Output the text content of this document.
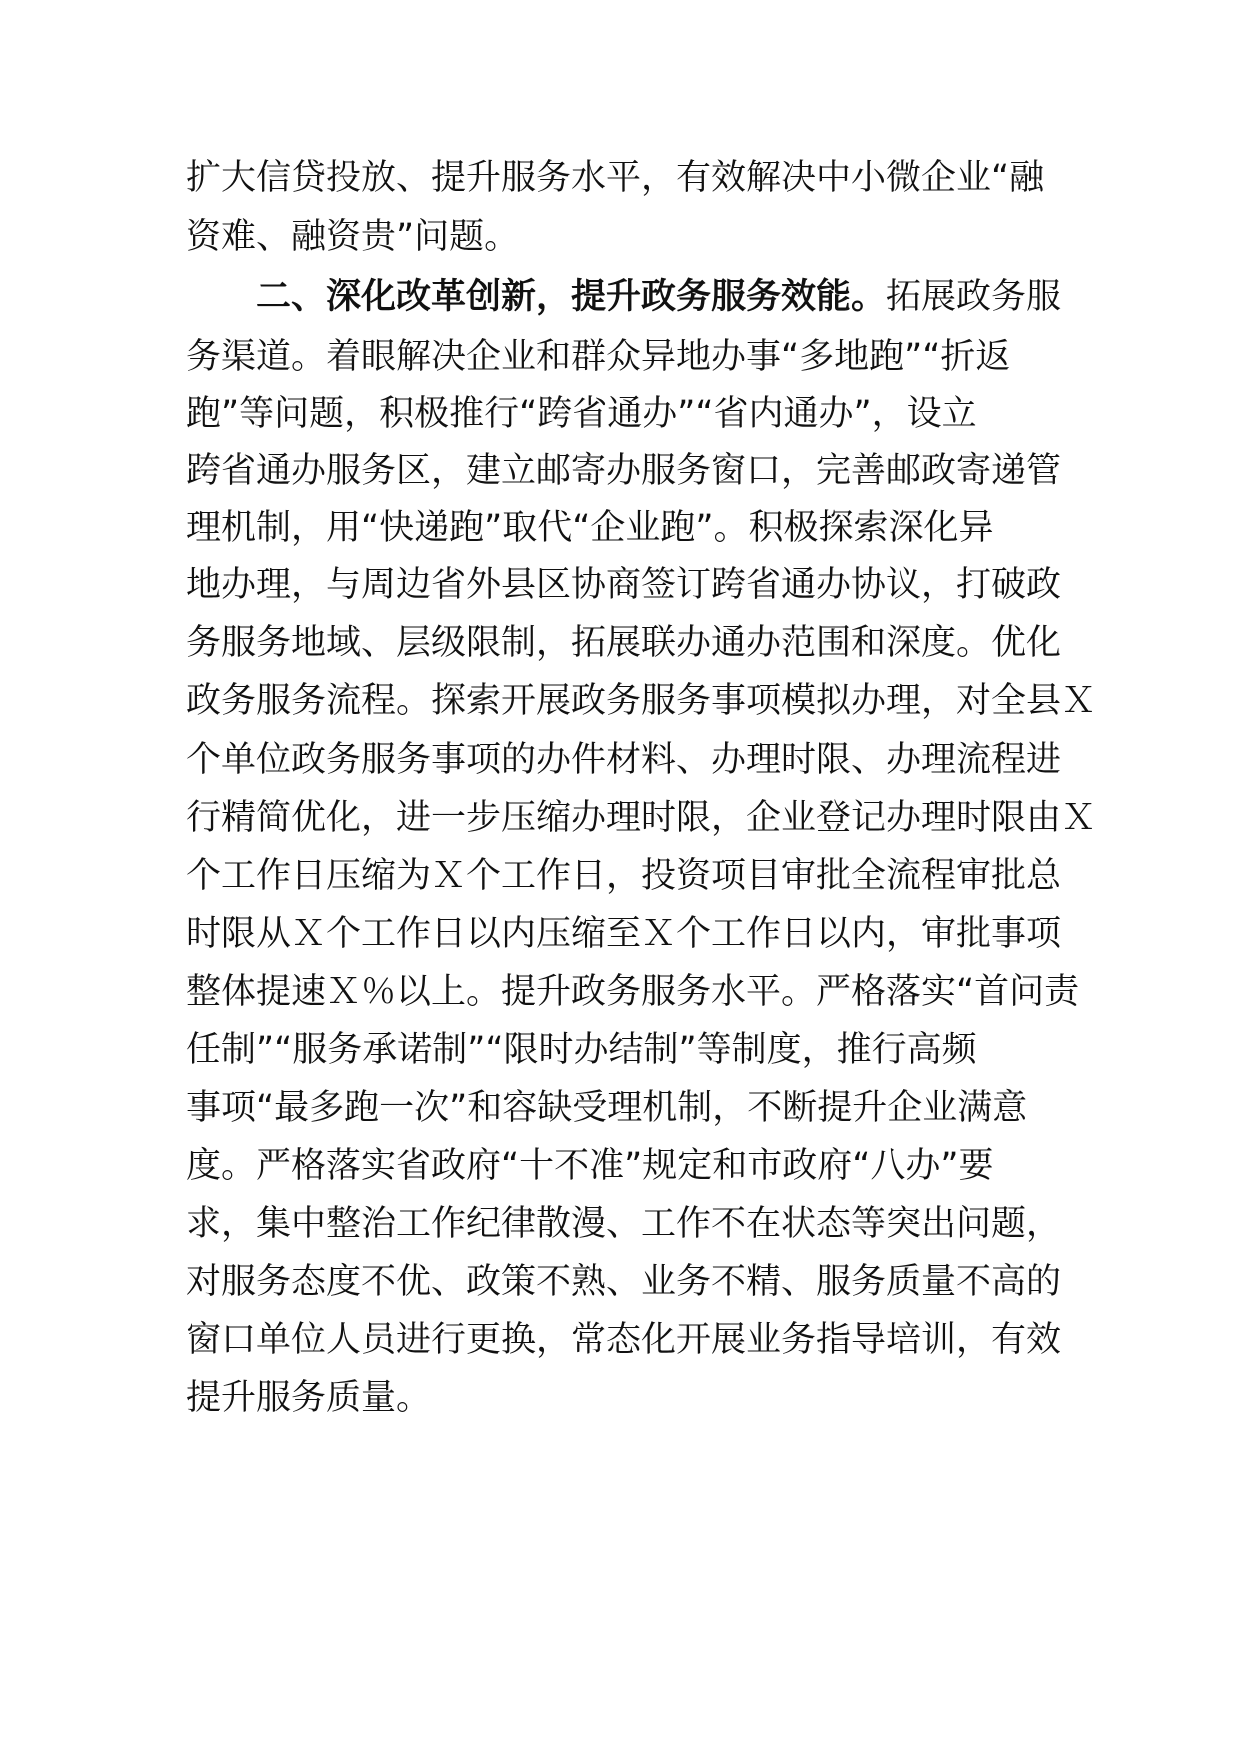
扩大信贷投放、提升服务水平，有效解决中小微企业“融
资难、融资贵”问题。
二、深化改革创新，提升政务服务效能。拓展政务服
务渠道。着眼解决企业和群众异地办事“多地跑”“折返
跑”等问题，积极推行“跨省通办”“省内通办”，设立
跨省通办服务区，建立邮寄办服务窗口，完善邮政寄递管
理机制，用“快递跑”取代“企业跑”。积极探索深化异
地办理，与周边省外县区协商签订跨省通办协议，打破政
务服务地域、层级限制，拓展联办通办范围和深度。优化
政务服务流程。探索开展政务服务事项模拟办理，对全县Ｘ
个单位政务服务事项的办件材料、办理时限、办理流程进
行精简优化，进一步压缩办理时限，企业登记办理时限由Ｘ
个工作日压缩为Ｘ个工作日，投资项目审批全流程审批总
时限从Ｘ个工作日以内压缩至Ｘ个工作日以内，审批事项
整体提速Ｘ％以上。提升政务服务水平。严格落实“首问责
任制”“服务承诺制”“限时办结制”等制度，推行高频
事项“最多跑一次”和容缺受理机制，不断提升企业满意
度。严格落实省政府“十不准”规定和市政府“八办”要
求，集中整治工作纪律散漫、工作不在状态等突出问题，
对服务态度不优、政策不熟、业务不精、服务质量不高的
窗口单位人员进行更换，常态化开展业务指导培训，有效
提升服务质量。
